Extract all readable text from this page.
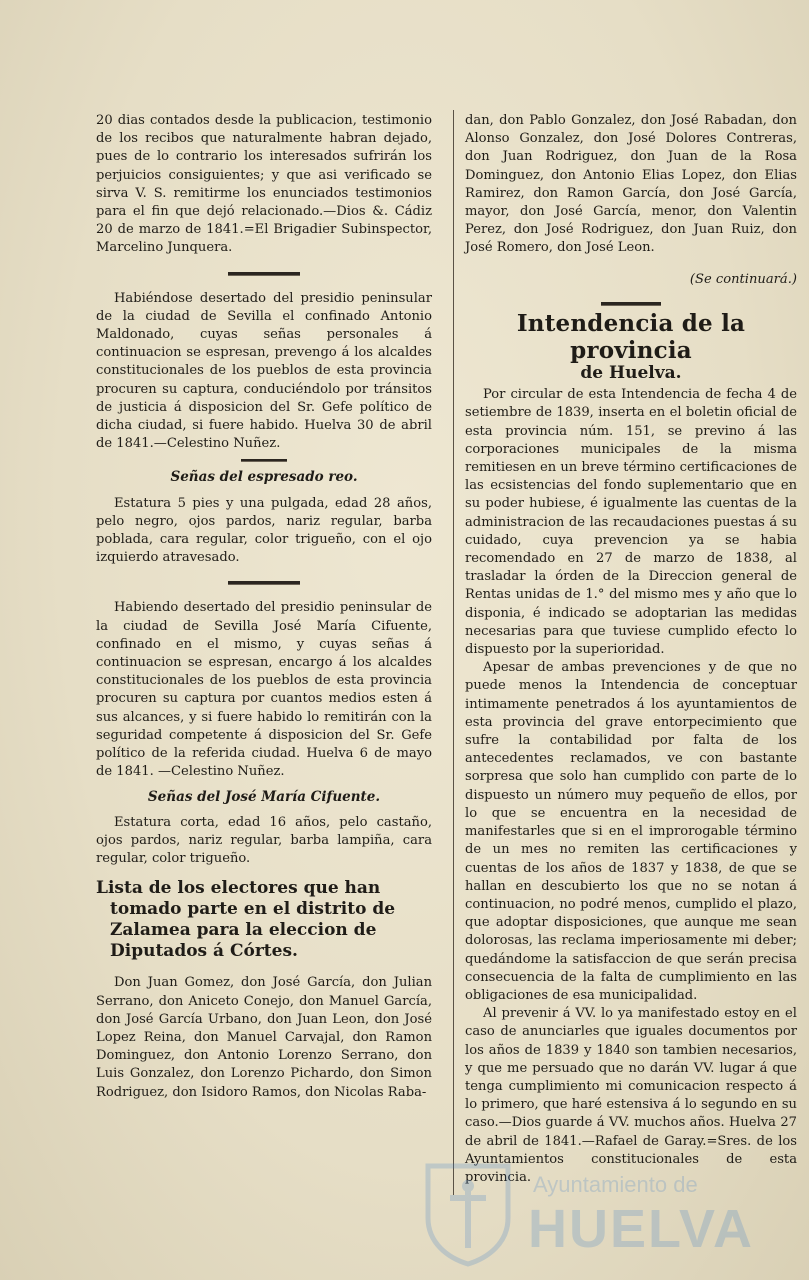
20 dias contados desde la publicacion, testimonio de los recibos que naturalmente habran dejado, pues de lo contrario los interesados sufrirán los perjuicios consiguientes; y que asi verificado se sirva V. S. remitirme los enunciados testimonios para el fin que dejó relacionado.—Dios &. Cádiz 20 de marzo de 1841.=El Brigadier Subinspector, Marcelino Junquera.

Habiéndose desertado del presidio peninsular de la ciudad de Sevilla el confinado Antonio Maldonado, cuyas señas personales á continuacion se espresan, prevengo á los alcaldes constitucionales de los pueblos de esta provincia procuren su captura, conduciéndolo por tránsitos de justicia á disposicion del Sr. Gefe político de dicha ciudad, si fuere habido. Huelva 30 de abril de 1841.—Celestino Nuñez.

Señas del espresado reo.

Estatura 5 pies y una pulgada, edad 28 años, pelo negro, ojos pardos, nariz regular, barba poblada, cara regular, color trigueño, con el ojo izquierdo atravesado.

Habiendo desertado del presidio peninsular de la ciudad de Sevilla José María Cifuente, confinado en el mismo, y cuyas señas á continuacion se espresan, encargo á los alcaldes constitucionales de los pueblos de esta provincia procuren su captura por cuantos medios esten á sus alcances, y si fuere habido lo remitirán con la seguridad competente á disposicion del Sr. Gefe político de la referida ciudad. Huelva 6 de mayo de 1841. —Celestino Nuñez.

Señas del José María Cifuente.

Estatura corta, edad 16 años, pelo castaño, ojos pardos, nariz regular, barba lampiña, cara regular, color trigueño.

Lista de los electores que han tomado parte en el distrito de Zalamea para la eleccion de Diputados á Córtes.

Don Juan Gomez, don José García, don Julian Serrano, don Aniceto Conejo, don Manuel García, don José García Urbano, don Juan Leon, don José Lopez Reina, don Manuel Carvajal, don Ramon Dominguez, don Antonio Lorenzo Serrano, don Luis Gonzalez, don Lorenzo Pichardo, don Simon Rodriguez, don Isidoro Ramos, don Nicolas Raba-

dan, don Pablo Gonzalez, don José Rabadan, don Alonso Gonzalez, don José Dolores Contreras, don Juan Rodriguez, don Juan de la Rosa Dominguez, don Antonio Elias Lopez, don Elias Ramirez, don Ramon García, don José García, mayor, don José García, menor, don Valentin Perez, don José Rodriguez, don Juan Ruiz, don José Romero, don José Leon.

(Se continuará.)

Intendencia de la provincia

de Huelva.

Por circular de esta Intendencia de fecha 4 de setiembre de 1839, inserta en el boletin oficial de esta provincia núm. 151, se previno á las corporaciones municipales de la misma remitiesen en un breve término certificaciones de las ecsistencias del fondo suplementario que en su poder hubiese, é igualmente las cuentas de la administracion de las recaudaciones puestas á su cuidado, cuya prevencion ya se habia recomendado en 27 de marzo de 1838, al trasladar la órden de la Direccion general de Rentas unidas de 1.° del mismo mes y año que lo disponia, é indicado se adoptarian las medidas necesarias para que tuviese cumplido efecto lo dispuesto por la superioridad.

Apesar de ambas prevenciones y de que no puede menos la Intendencia de conceptuar intimamente penetrados á los ayuntamientos de esta provincia del grave entorpecimiento que sufre la contabilidad por falta de los antecedentes reclamados, ve con bastante sorpresa que solo han cumplido con parte de lo dispuesto un número muy pequeño de ellos, por lo que se encuentra en la necesidad de manifestarles que si en el improrogable término de un mes no remiten las certificaciones y cuentas de los años de 1837 y 1838, de que se hallan en descubierto los que no se notan á continuacion, no podré menos, cumplido el plazo, que adoptar disposiciones, que aunque me sean dolorosas, las reclama imperiosamente mi deber; quedándome la satisfaccion de que serán precisa consecuencia de la falta de cumplimiento en las obligaciones de esa municipalidad.

Al prevenir á VV. lo ya manifestado estoy en el caso de anunciarles que iguales documentos por los años de 1839 y 1840 son tambien necesarios, y que me persuado que no darán VV. lugar á que tenga cumplimiento mi comunicacion respecto á lo primero, que haré estensiva á lo segundo en su caso.—Dios guarde á VV. muchos años. Huelva 27 de abril de 1841.—Rafael de Garay.=Sres. de los Ayuntamientos constitucionales de esta provincia. Ayuntamiento de
HUELVA
